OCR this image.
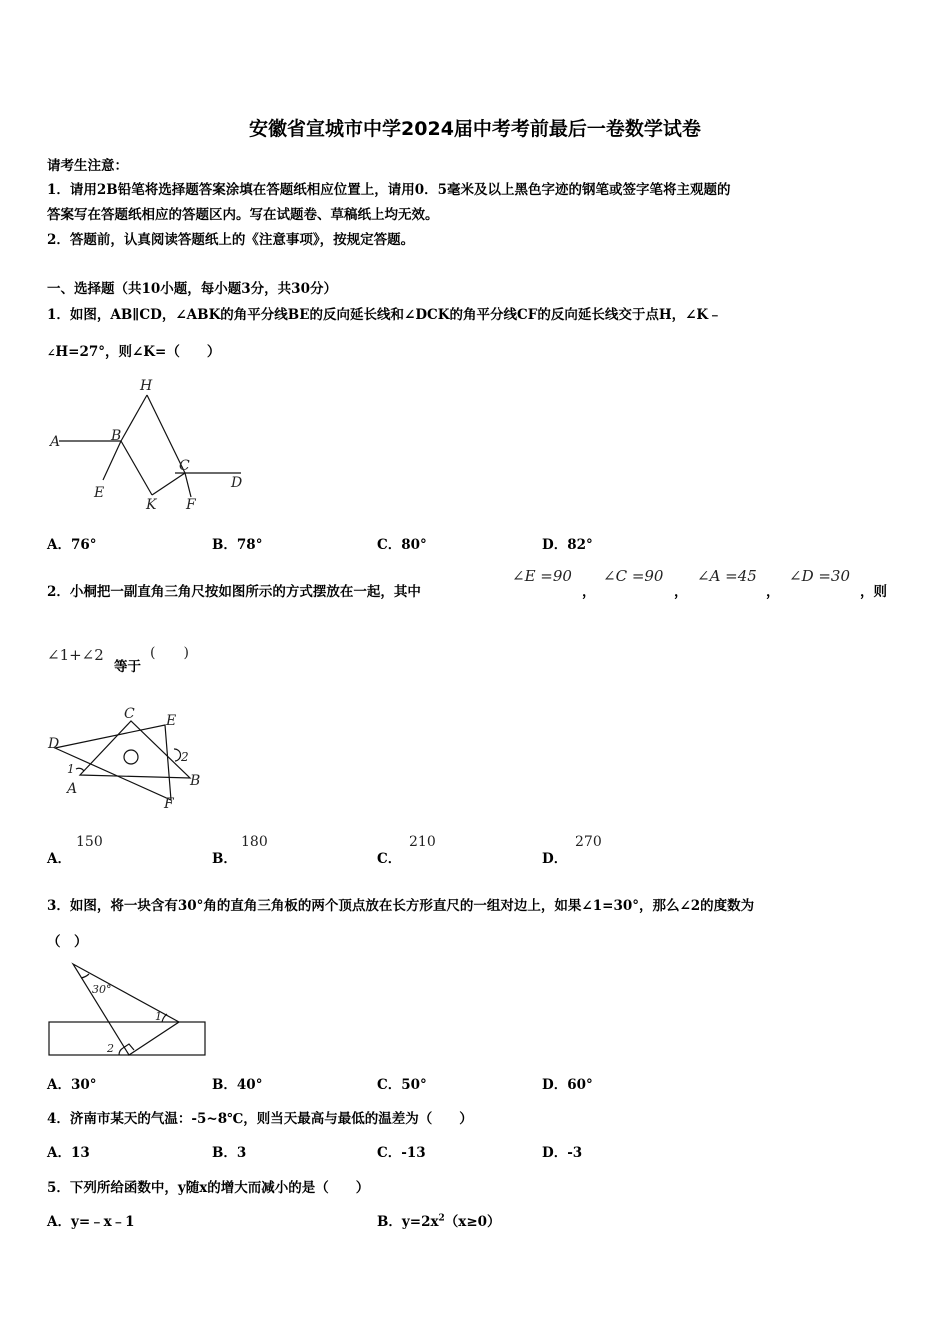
安徽省宣城市中学2024届中考考前最后一卷数学试卷
请考生注意：
1．请用2B铅笔将选择题答案涂填在答题纸相应位置上，请用0．5毫米及以上黑色字迹的钢笔或签字笔将主观题的
答案写在答题纸相应的答题区内。写在试题卷、草稿纸上均无效。
2．答题前，认真阅读答题纸上的《注意事项》，按规定答题。
一、选择题（共10小题，每小题3分，共30分）
1．如图，AB∥CD，∠ABK的角平分线BE的反向延长线和∠DCK的角平分线CF的反向延长线交于点H，∠K﹣
∠H=27°，则∠K=（　　）
A	B
H
C
D
E
K F
A．76°	B．78°	C．80°	D．82°
2．小桐把一副直角三角尺按如图所示的方式摆放在一起，其中
∠E =90
，
∠C =90
，
∠A =45
，
∠D =30
，则
∠1+∠2
等于
(　　)
D
C E
A	B
F
1
2
A．
150
B．
180
C．
210
D．
270
3．如图，将一块含有30°角的直角三角板的两个顶点放在长方形直尺的一组对边上，如果∠1=30°，那么∠2的度数为
（　）
30°
1
2
A．30°	B．40°	C．50°	D．60°
4．济南市某天的气温：-5~8℃，则当天最高与最低的温差为（　　）
A．13	B．3	C．-13	D．-3
5．下列所给函数中，y随x的增大而减小的是（　　）
A．y=﹣x﹣1	B．$y=2x^2(x\ge 0)$
